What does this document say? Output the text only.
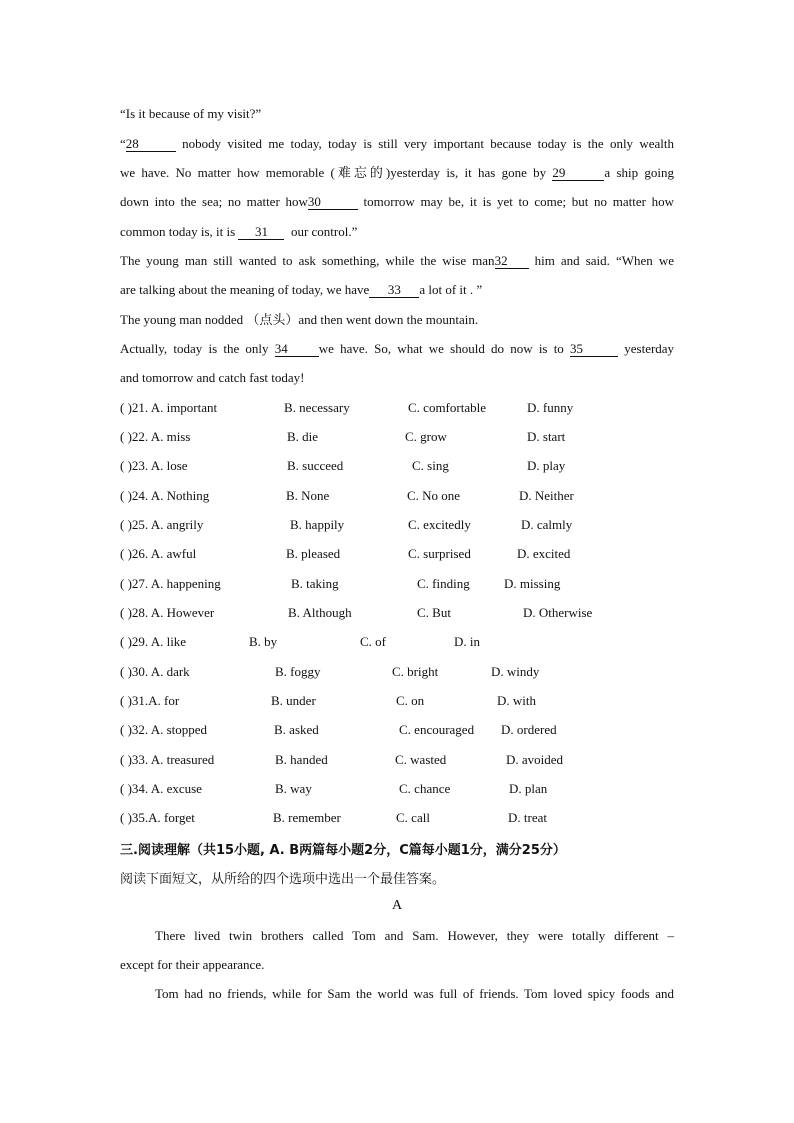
“Is it because of my visit?”
“28	nobody visited me today, today is still very important because today is the only wealth
we have. No matter how memorable (难忘的)yesterday is, it has gone by 29	a ship going
down into the sea; no matter how30	tomorrow may be, it is yet to come; but no matter how
common today is, it is 31 our control.”
The young man still wanted to ask something, while the wise man32 him and said. “When we
are talking about the meaning of today, we have 33 a lot of it . ”
The young man nodded （点头）and then went down the mountain.
Actually, today is the only 34 we have. So, what we should do now is to 35	yesterday
and tomorrow and catch fast today!
( )21. A. important	B. necessary	C. comfortable	D. funny
( )22. A. miss	B. die	C. grow	D. start
( )23. A. lose	B. succeed	C. sing	D. play
( )24. A. Nothing	B. None	C. No one	D. Neither
( )25. A. angrily	B. happily	C. excitedly	D. calmly
( )26. A. awful	B. pleased	C. surprised	D. excited
( )27. A. happening	B. taking	C. finding	D. missing
( )28. A. However	B. Although	C. But	D. Otherwise
( )29. A. like	B. by	C. of	D. in
( )30. A. dark	B. foggy	C. bright	D. windy
( )31.A. for	B. under	C. on	D. with
( )32. A. stopped	B. asked	C. encouraged D. ordered
( )33. A. treasured	B. handed	C. wasted	D. avoided
( )34. A. excuse	B. way	C. chance	D. plan
( )35.A. forget	B. remember	C. call	D. treat
三.阅读理解（共15小题, A. B两篇每小题2分，C篇每小题1分，满分25分）
阅读下面短文，从所给的四个选项中选出一个最佳答案。
A
There lived twin brothers called Tom and Sam. However, they were totally different –
except for their appearance.
Tom had no friends, while for Sam the world was full of friends. Tom loved spicy foods and
